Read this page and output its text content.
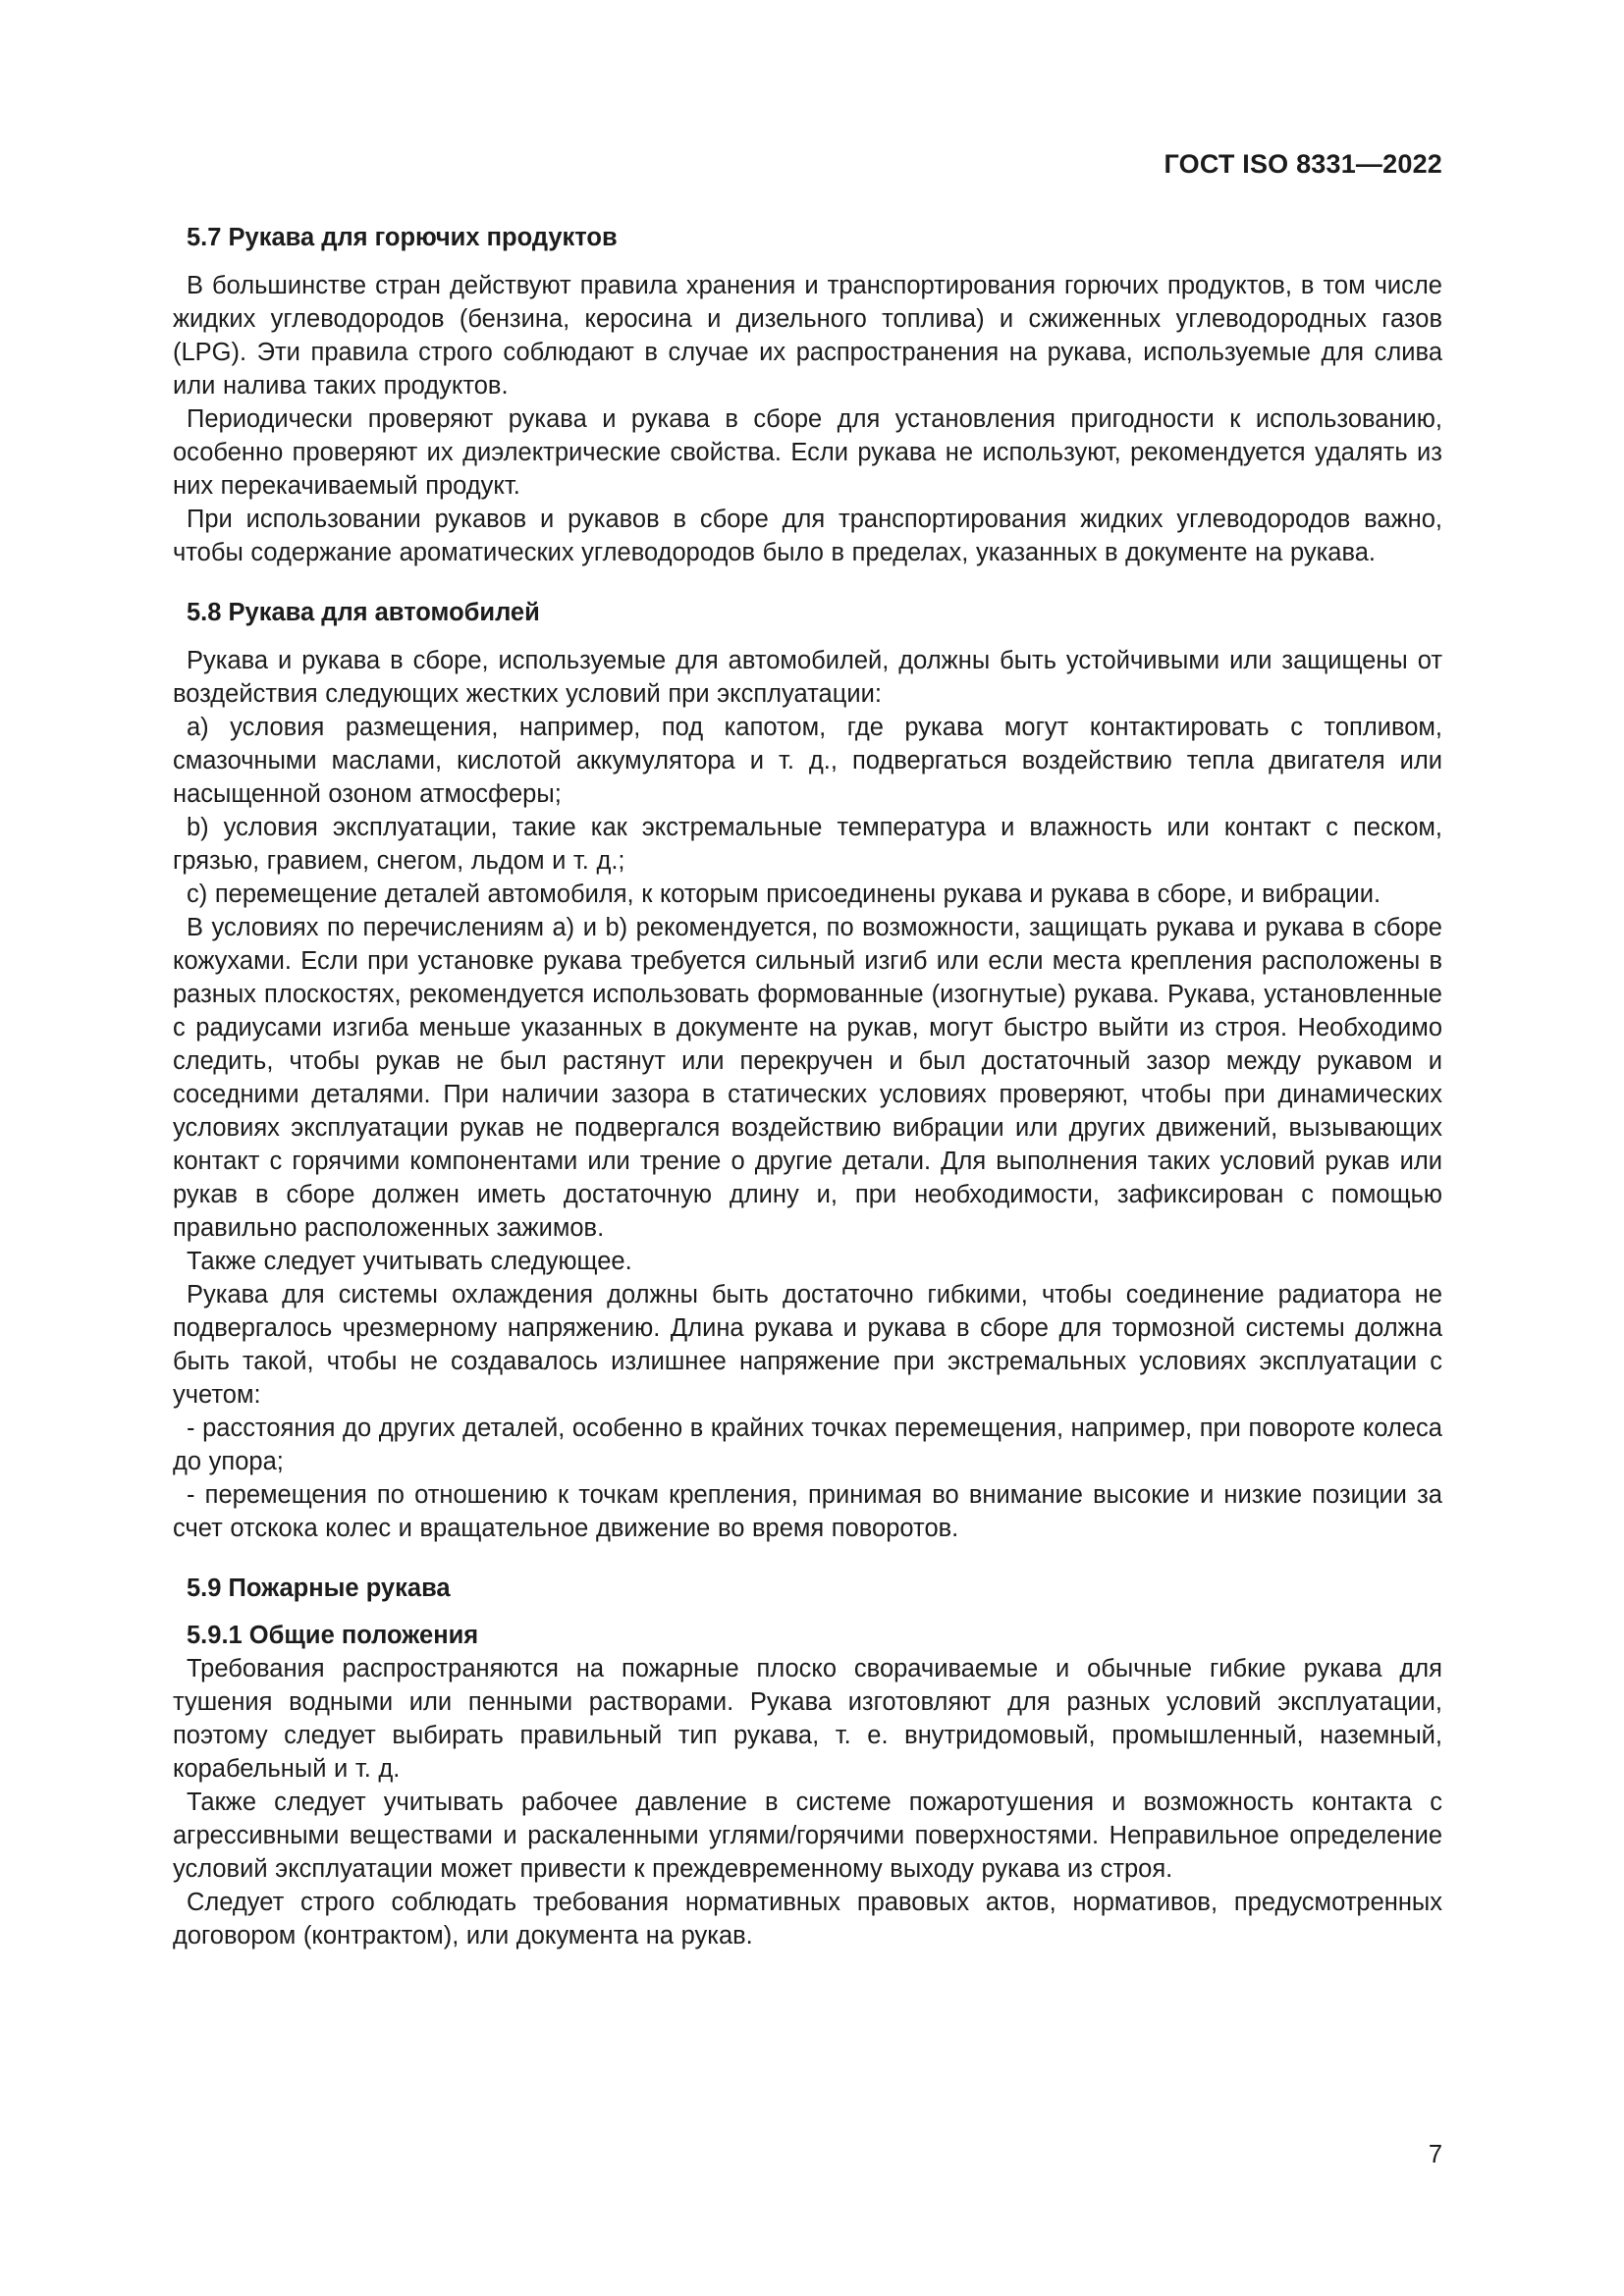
ГОСТ ISO 8331—2022
5.7 Рукава для горючих продуктов

В большинстве стран действуют правила хранения и транспортирования горючих продуктов, в том числе жидких углеводородов (бензина, керосина и дизельного топлива) и сжиженных углеводородных газов (LPG). Эти правила строго соблюдают в случае их распространения на рукава, используемые для слива или налива таких продуктов.

Периодически проверяют рукава и рукава в сборе для установления пригодности к использованию, особенно проверяют их диэлектрические свойства. Если рукава не используют, рекомендуется удалять из них перекачиваемый продукт.

При использовании рукавов и рукавов в сборе для транспортирования жидких углеводородов важно, чтобы содержание ароматических углеводородов было в пределах, указанных в документе на рукава.

5.8 Рукава для автомобилей

Рукава и рукава в сборе, используемые для автомобилей, должны быть устойчивыми или защищены от воздействия следующих жестких условий при эксплуатации:

a) условия размещения, например, под капотом, где рукава могут контактировать с топливом, смазочными маслами, кислотой аккумулятора и т. д., подвергаться воздействию тепла двигателя или насыщенной озоном атмосферы;

b) условия эксплуатации, такие как экстремальные температура и влажность или контакт с песком, грязью, гравием, снегом, льдом и т. д.;

c) перемещение деталей автомобиля, к которым присоединены рукава и рукава в сборе, и вибрации.

В условиях по перечислениям a) и b) рекомендуется, по возможности, защищать рукава и рукава в сборе кожухами. Если при установке рукава требуется сильный изгиб или если места крепления расположены в разных плоскостях, рекомендуется использовать формованные (изогнутые) рукава. Рукава, установленные с радиусами изгиба меньше указанных в документе на рукав, могут быстро выйти из строя. Необходимо следить, чтобы рукав не был растянут или перекручен и был достаточный зазор между рукавом и соседними деталями. При наличии зазора в статических условиях проверяют, чтобы при динамических условиях эксплуатации рукав не подвергался воздействию вибрации или других движений, вызывающих контакт с горячими компонентами или трение о другие детали. Для выполнения таких условий рукав или рукав в сборе должен иметь достаточную длину и, при необходимости, зафиксирован с помощью правильно расположенных зажимов.

Также следует учитывать следующее.

Рукава для системы охлаждения должны быть достаточно гибкими, чтобы соединение радиатора не подвергалось чрезмерному напряжению. Длина рукава и рукава в сборе для тормозной системы должна быть такой, чтобы не создавалось излишнее напряжение при экстремальных условиях эксплуатации с учетом:

- расстояния до других деталей, особенно в крайних точках перемещения, например, при повороте колеса до упора;

- перемещения по отношению к точкам крепления, принимая во внимание высокие и низкие позиции за счет отскока колес и вращательное движение во время поворотов.

5.9 Пожарные рукава
5.9.1 Общие положения

Требования распространяются на пожарные плоско сворачиваемые и обычные гибкие рукава для тушения водными или пенными растворами. Рукава изготовляют для разных условий эксплуатации, поэтому следует выбирать правильный тип рукава, т. е. внутридомовый, промышленный, наземный, корабельный и т. д.

Также следует учитывать рабочее давление в системе пожаротушения и возможность контакта с агрессивными веществами и раскаленными углями/горячими поверхностями. Неправильное определение условий эксплуатации может привести к преждевременному выходу рукава из строя.

Следует строго соблюдать требования нормативных правовых актов, нормативов, предусмотренных договором (контрактом), или документа на рукав.

7
